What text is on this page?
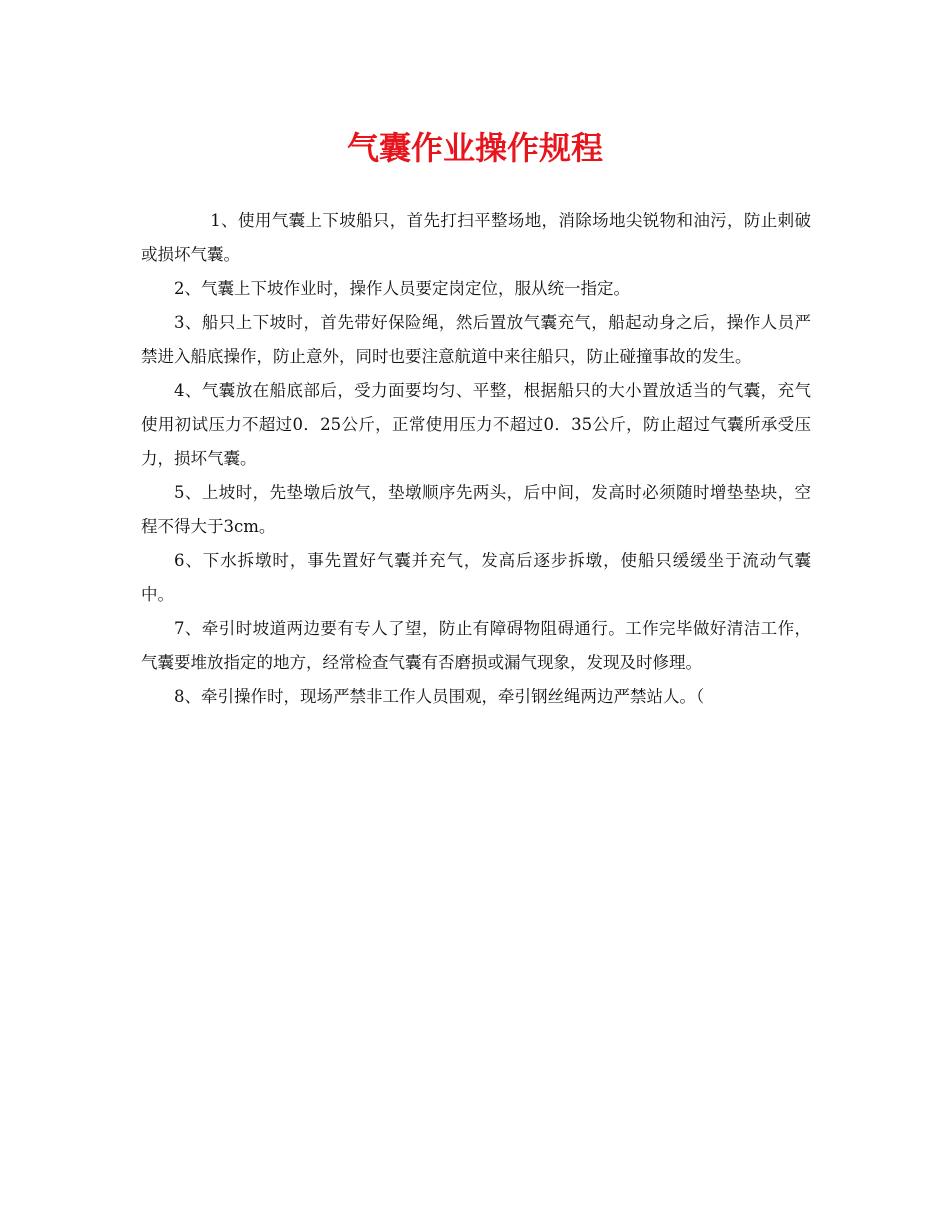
气囊作业操作规程

1、使用气囊上下坡船只，首先打扫平整场地，消除场地尖锐物和油污，防止刺破或损坏气囊。

2、气囊上下坡作业时，操作人员要定岗定位，服从统一指定。

3、船只上下坡时，首先带好保险绳，然后置放气囊充气，船起动身之后，操作人员严禁进入船底操作，防止意外，同时也要注意航道中来往船只，防止碰撞事故的发生。

4、气囊放在船底部后，受力面要均匀、平整，根据船只的大小置放适当的气囊，充气使用初试压力不超过0．25公斤，正常使用压力不超过0．35公斤，防止超过气囊所承受压力，损坏气囊。

5、上坡时，先垫墩后放气，垫墩顺序先两头，后中间，发高时必须随时增垫垫块，空程不得大于3cm。

6、下水拆墩时，事先置好气囊并充气，发高后逐步拆墩，使船只缓缓坐于流动气囊中。

7、牵引时坡道两边要有专人了望，防止有障碍物阻碍通行。工作完毕做好清洁工作，气囊要堆放指定的地方，经常检查气囊有否磨损或漏气现象，发现及时修理。

8、牵引操作时，现场严禁非工作人员围观，牵引钢丝绳两边严禁站人。（
